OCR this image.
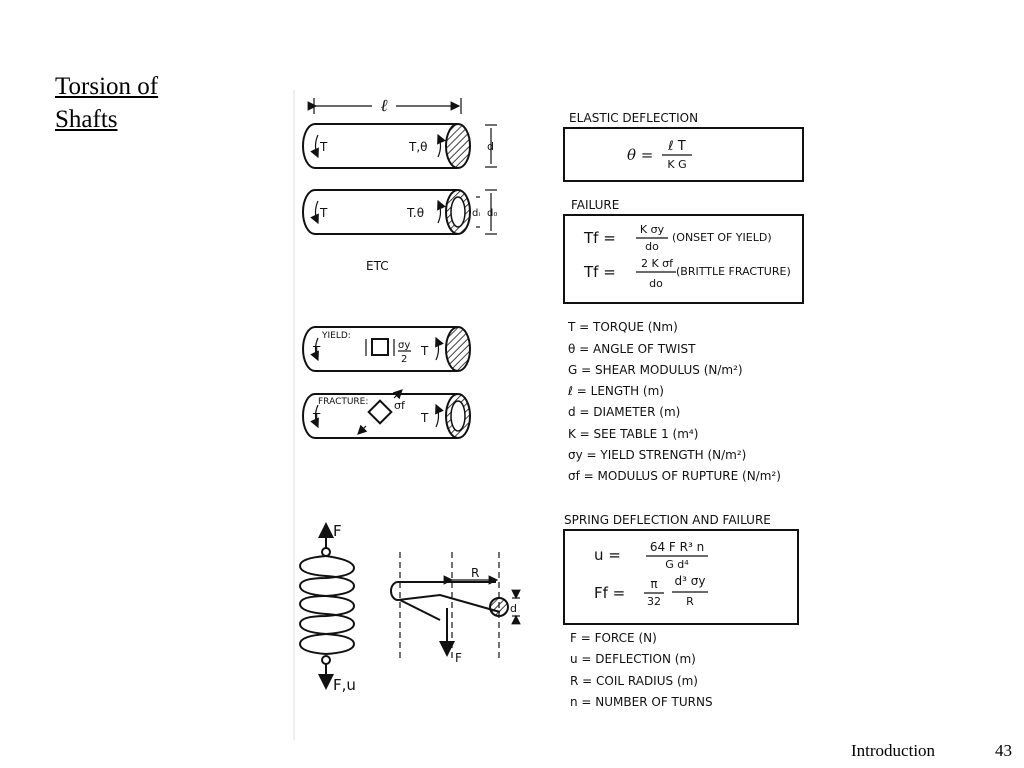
Torsion of
Shafts	ℓ
T	T,θ	d
T	T.θ	dᵢ d₀
ETC
T
YIELD:
σy
2
T
T
FRACTURE: σf
T
F
F,u
R
d
F
ELASTIC DEFLECTION
θ = ℓ T
K G
FAILURE
Tf = K σy
do
(ONSET OF YIELD)
Tf = 2 K σf
do
(BRITTLE FRACTURE)
T = TORQUE (Nm)
θ = ANGLE OF TWIST
G = SHEAR MODULUS (N/m²)
ℓ = LENGTH (m)
d = DIAMETER (m)
K = SEE TABLE 1 (m⁴)
σy = YIELD STRENGTH (N/m²)
σf = MODULUS OF RUPTURE (N/m²)
SPRING DEFLECTION AND FAILURE
u = 64 F R³ n
G d⁴
Ff = π
32
d³ σy
R
F = FORCE (N)
u = DEFLECTION (m)
R = COIL RADIUS (m)
n = NUMBER OF TURNS
Introduction	43
